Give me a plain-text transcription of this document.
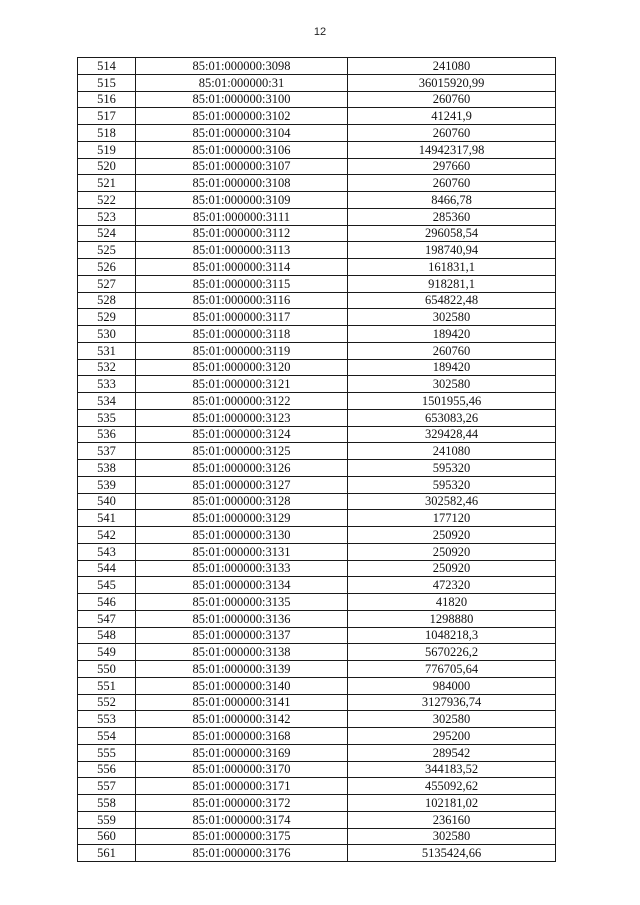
12
514	85:01:000000:3098	241080
515	85:01:000000:31	36015920,99
516	85:01:000000:3100	260760
517	85:01:000000:3102	41241,9
518	85:01:000000:3104	260760
519	85:01:000000:3106	14942317,98
520	85:01:000000:3107	297660
521	85:01:000000:3108	260760
522	85:01:000000:3109	8466,78
523	85:01:000000:3111	285360
524	85:01:000000:3112	296058,54
525	85:01:000000:3113	198740,94
526	85:01:000000:3114	161831,1
527	85:01:000000:3115	918281,1
528	85:01:000000:3116	654822,48
529	85:01:000000:3117	302580
530	85:01:000000:3118	189420
531	85:01:000000:3119	260760
532	85:01:000000:3120	189420
533	85:01:000000:3121	302580
534	85:01:000000:3122	1501955,46
535	85:01:000000:3123	653083,26
536	85:01:000000:3124	329428,44
537	85:01:000000:3125	241080
538	85:01:000000:3126	595320
539	85:01:000000:3127	595320
540	85:01:000000:3128	302582,46
541	85:01:000000:3129	177120
542	85:01:000000:3130	250920
543	85:01:000000:3131	250920
544	85:01:000000:3133	250920
545	85:01:000000:3134	472320
546	85:01:000000:3135	41820
547	85:01:000000:3136	1298880
548	85:01:000000:3137	1048218,3
549	85:01:000000:3138	5670226,2
550	85:01:000000:3139	776705,64
551	85:01:000000:3140	984000
552	85:01:000000:3141	3127936,74
553	85:01:000000:3142	302580
554	85:01:000000:3168	295200
555	85:01:000000:3169	289542
556	85:01:000000:3170	344183,52
557	85:01:000000:3171	455092,62
558	85:01:000000:3172	102181,02
559	85:01:000000:3174	236160
560	85:01:000000:3175	302580
561	85:01:000000:3176	5135424,66
